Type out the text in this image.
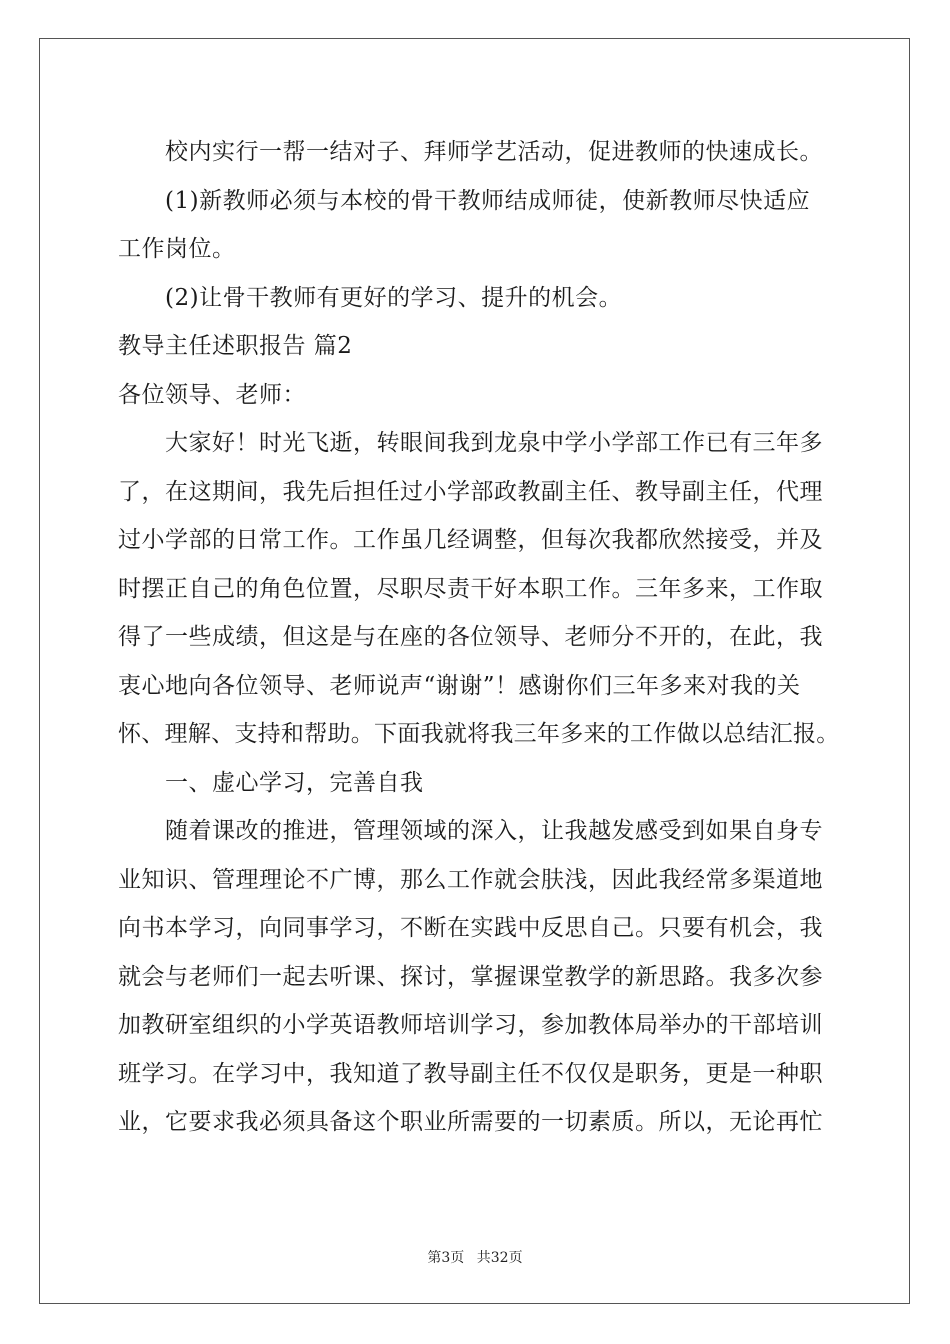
校内实行一帮一结对子、拜师学艺活动，促进教师的快速成长。
(1)新教师必须与本校的骨干教师结成师徒，使新教师尽快适应
工作岗位。
(2)让骨干教师有更好的学习、提升的机会。
教导主任述职报告 篇2
各位领导、老师：
大家好！时光飞逝，转眼间我到龙泉中学小学部工作已有三年多
了，在这期间，我先后担任过小学部政教副主任、教导副主任，代理
过小学部的日常工作。工作虽几经调整，但每次我都欣然接受，并及
时摆正自己的角色位置，尽职尽责干好本职工作。三年多来，工作取
得了一些成绩，但这是与在座的各位领导、老师分不开的，在此，我
衷心地向各位领导、老师说声“谢谢”！感谢你们三年多来对我的关
怀、理解、支持和帮助。下面我就将我三年多来的工作做以总结汇报。
一、虚心学习，完善自我
随着课改的推进，管理领域的深入，让我越发感受到如果自身专
业知识、管理理论不广博，那么工作就会肤浅，因此我经常多渠道地
向书本学习，向同事学习，不断在实践中反思自己。只要有机会，我
就会与老师们一起去听课、探讨，掌握课堂教学的新思路。我多次参
加教研室组织的小学英语教师培训学习，参加教体局举办的干部培训
班学习。在学习中，我知道了教导副主任不仅仅是职务，更是一种职
业，它要求我必须具备这个职业所需要的一切素质。所以，无论再忙
第3页 共32页
